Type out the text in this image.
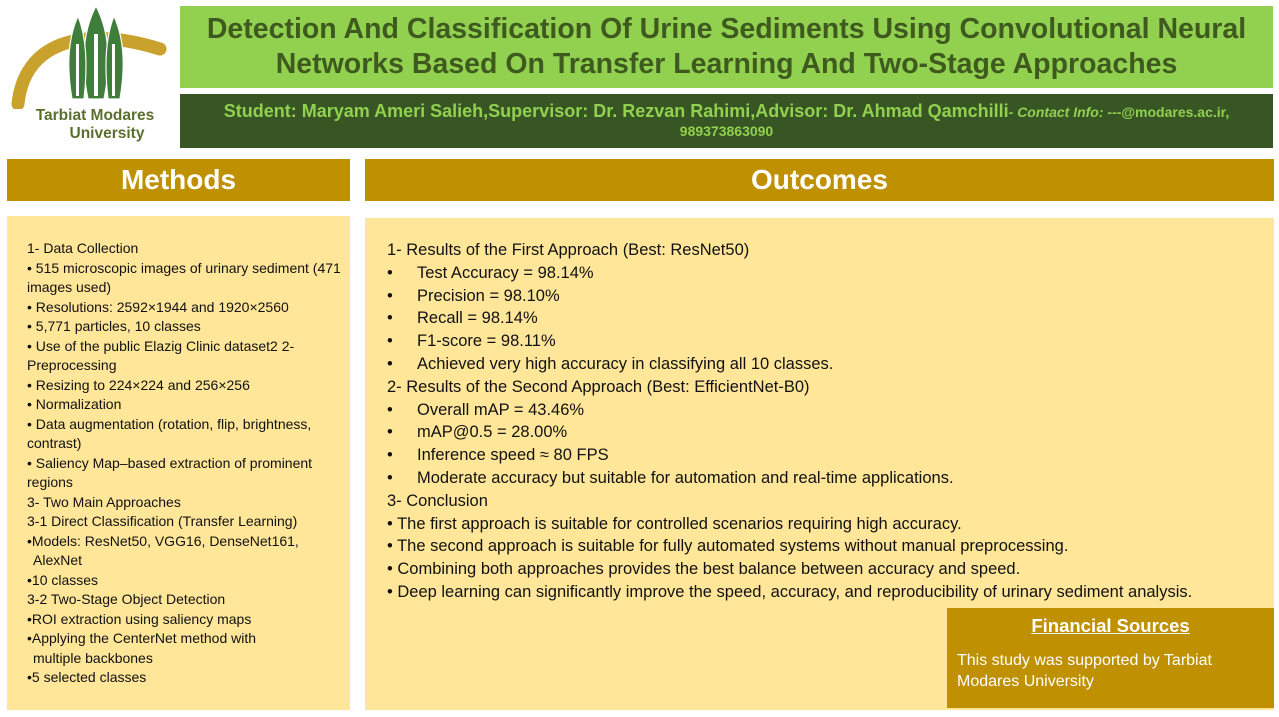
Tarbiat Modares
University
Detection And Classification Of Urine Sediments Using Convolutional Neural Networks Based On Transfer Learning And Two-Stage Approaches
Student: Maryam Ameri Salieh,Supervisor: Dr. Rezvan Rahimi,Advisor: Dr. Ahmad Qamchilli- Contact Info: ---@modares.ac.ir,
989373863090
Methods	Outcomes
1- Data Collection
• 515 microscopic images of urinary sediment (471 images used)
• Resolutions: 2592×1944 and 1920×2560
• 5,771 particles, 10 classes
• Use of the public Elazig Clinic dataset2 2- Preprocessing
• Resizing to 224×224 and 256×256
• Normalization
• Data augmentation (rotation, flip, brightness, contrast)
• Saliency Map–based extraction of prominent regions
3- Two Main Approaches
3-1 Direct Classification (Transfer Learning)
•Models: ResNet50, VGG16, DenseNet161,
AlexNet
•10 classes
3-2 Two-Stage Object Detection
•ROI extraction using saliency maps
•Applying the CenterNet method with
multiple backbones
•5 selected classes
1- Results of the First Approach (Best: ResNet50)
•	Test Accuracy = 98.14%
•	Precision = 98.10%
•	Recall = 98.14%
•	F1-score = 98.11%
•	Achieved very high accuracy in classifying all 10 classes.
2- Results of the Second Approach (Best: EfficientNet-B0)
•	Overall mAP = 43.46%
•	mAP@0.5 = 28.00%
•	Inference speed ≈ 80 FPS
•	Moderate accuracy but suitable for automation and real-time applications.
3- Conclusion
• The first approach is suitable for controlled scenarios requiring high accuracy.
• The second approach is suitable for fully automated systems without manual preprocessing.
• Combining both approaches provides the best balance between accuracy and speed.
• Deep learning can significantly improve the speed, accuracy, and reproducibility of urinary sediment analysis.
Financial Sources
This study was supported by Tarbiat Modares University
